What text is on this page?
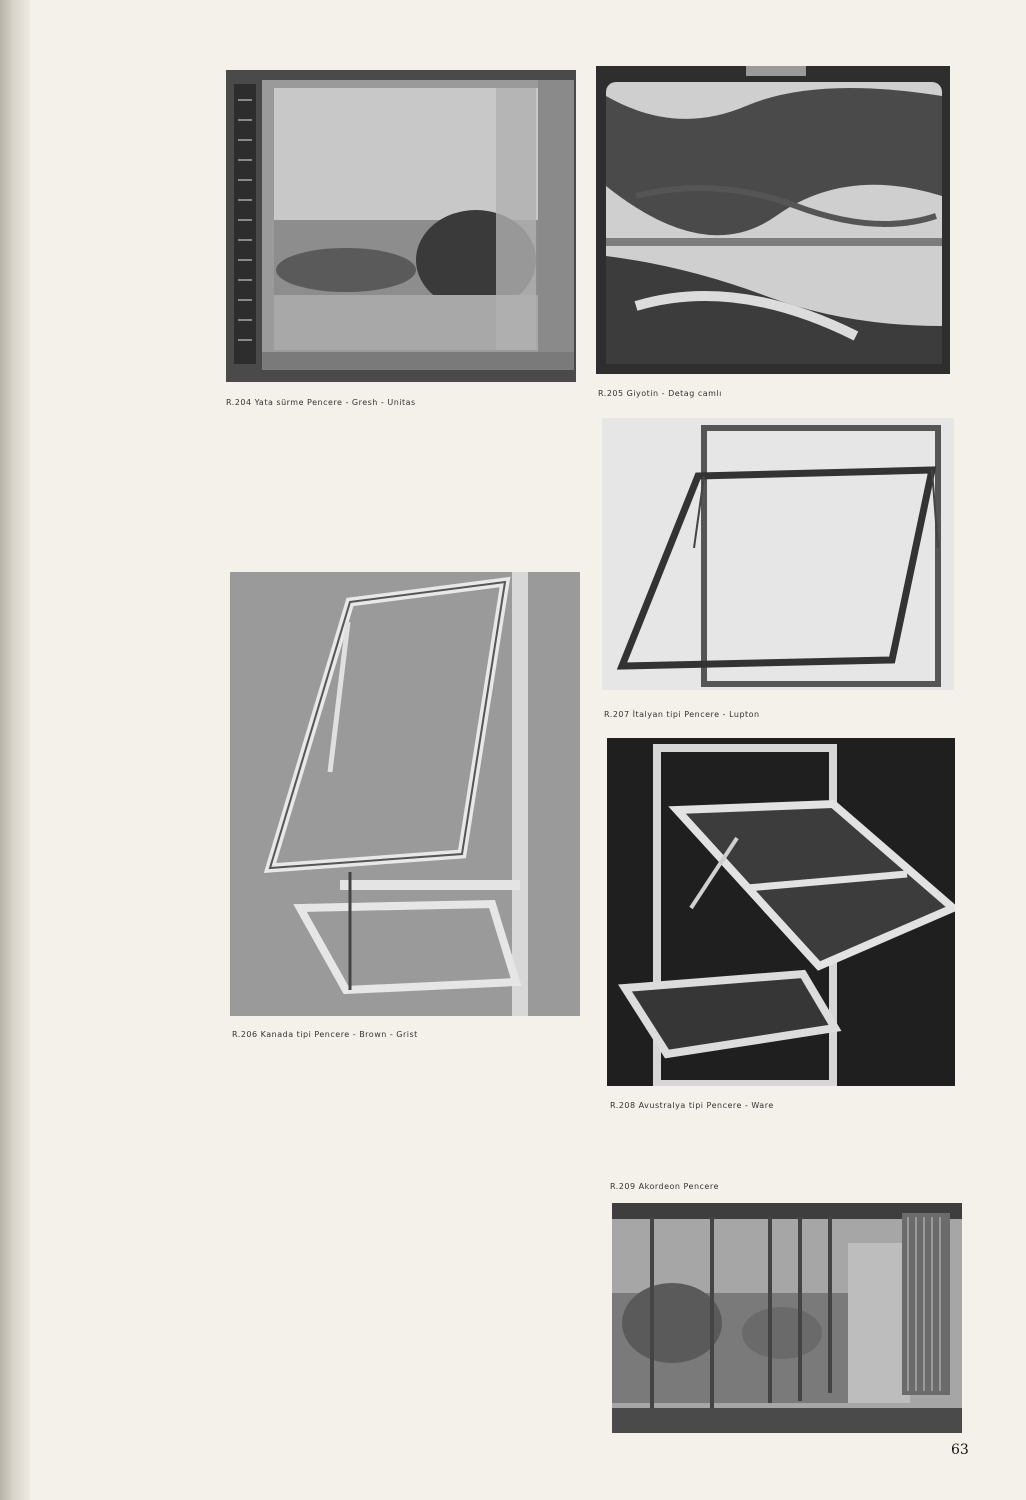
R.204 Yata sürme Pencere - Gresh - Unitas
R.205 Giyotin - Detag camlı
R.207 İtalyan tipi Pencere - Lupton
R.206 Kanada tipi Pencere - Brown - Grist
R.208 Avustralya tipi Pencere - Ware
R.209 Akordeon Pencere
63
